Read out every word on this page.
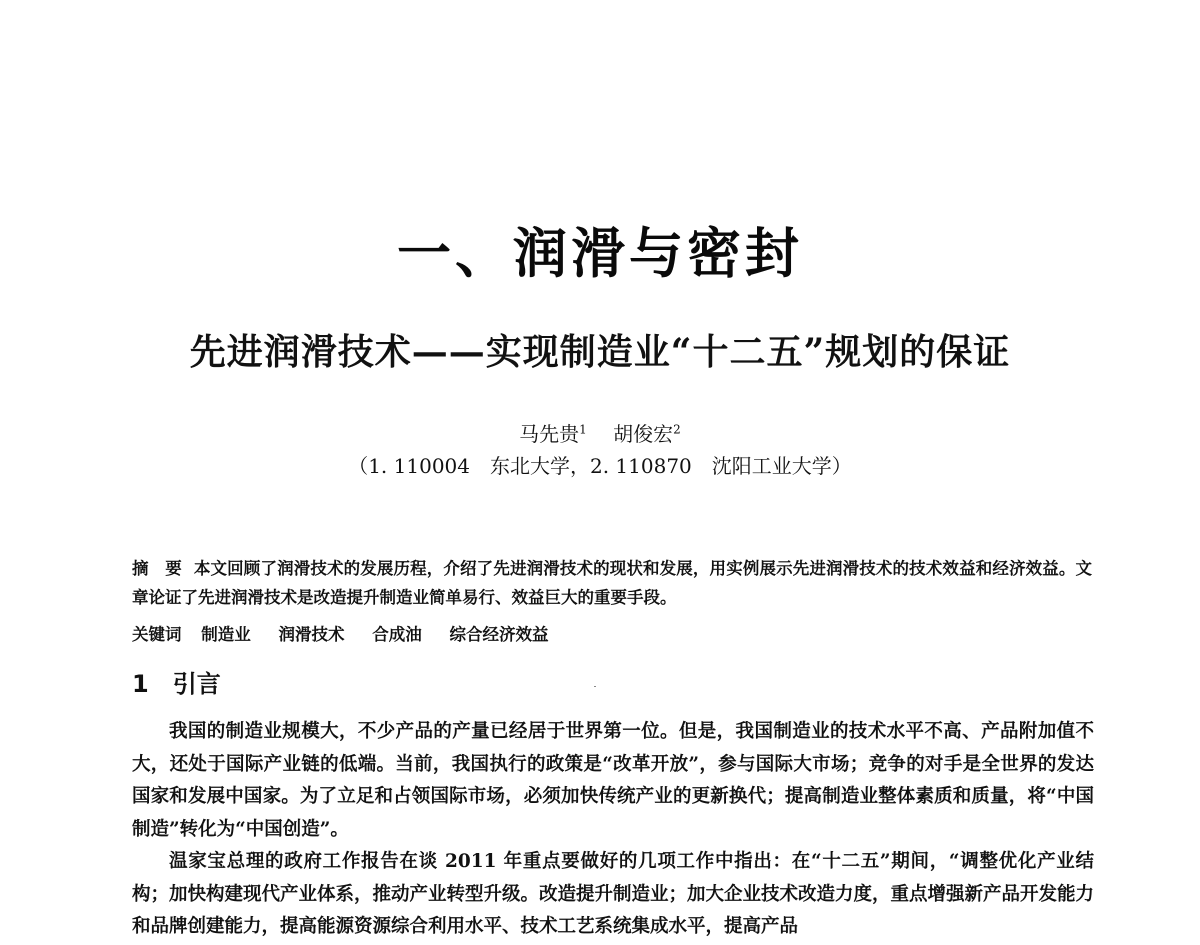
一、润滑与密封
先进润滑技术——实现制造业“十二五”规划的保证
马先贵$^1$ 胡俊宏$^2$
（1. 110004　东北大学，2. 110870　沈阳工业大学）

摘　要 本文回顾了润滑技术的发展历程，介绍了先进润滑技术的现状和发展，用实例展示先进润滑技术的技术效益和经济效益。文章论证了先进润滑技术是改造提升制造业简单易行、效益巨大的重要手段。

关键词 制造业 润滑技术 合成油 综合经济效益
1 引言

我国的制造业规模大，不少产品的产量已经居于世界第一位。但是，我国制造业的技术水平不高、产品附加值不大，还处于国际产业链的低端。当前，我国执行的政策是“改革开放”，参与国际大市场；竞争的对手是全世界的发达国家和发展中国家。为了立足和占领国际市场，必须加快传统产业的更新换代；提高制造业整体素质和质量，将“中国制造”转化为“中国创造”。

温家宝总理的政府工作报告在谈 2011 年重点要做好的几项工作中指出：在“十二五”期间，“调整优化产业结构；加快构建现代产业体系，推动产业转型升级。改造提升制造业；加大企业技术改造力度，重点增强新产品开发能力和品牌创建能力，提高能源资源综合利用水平、技术工艺系统集成水平，提高产品
